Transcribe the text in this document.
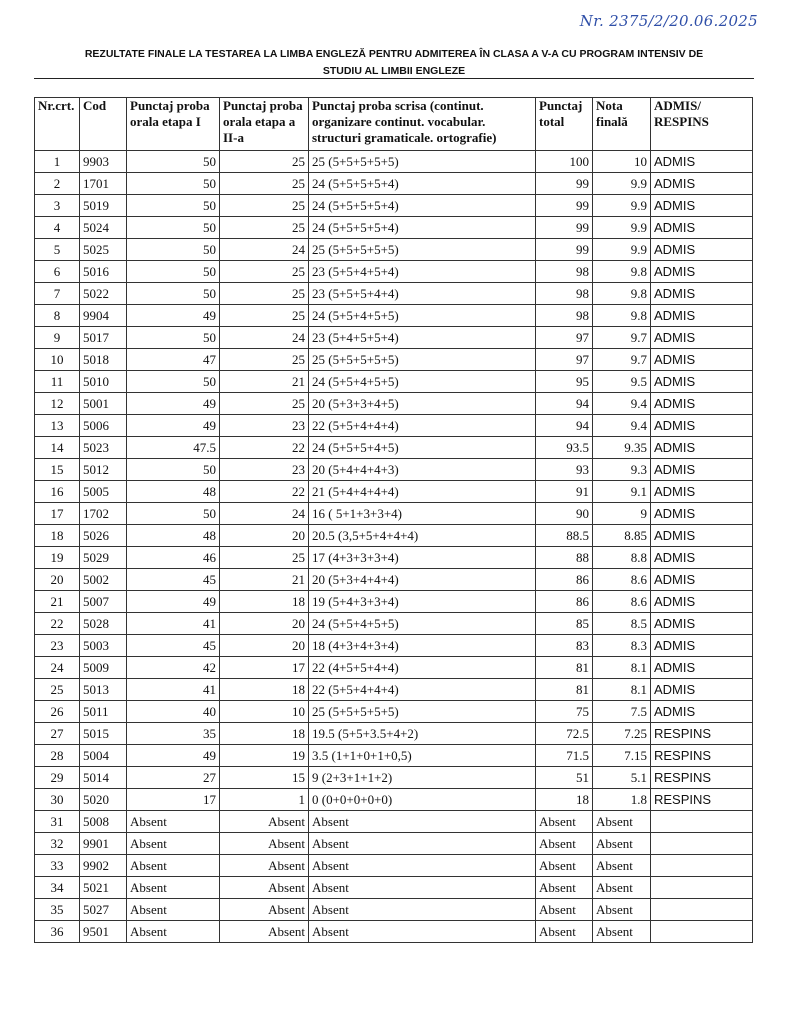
Nr. 2375/2/20.06.2025
REZULTATE FINALE LA TESTAREA LA LIMBA ENGLEZĂ PENTRU ADMITEREA ÎN CLASA A V-A CU PROGRAM INTENSIV DE
STUDIU AL LIMBII ENGLEZE
Nr.crt.	Cod	Punctaj proba orala etapa I	Punctaj proba orala etapa a II-a	Punctaj proba scrisa (continut. organizare continut. vocabular. structuri gramaticale. ortografie)	Punctaj total	Nota finală	ADMIS/ RESPINS
1	9903	50	25	25 (5+5+5+5+5)	100	10	ADMIS
2	1701	50	25	24 (5+5+5+5+4)	99	9.9	ADMIS
3	5019	50	25	24 (5+5+5+5+4)	99	9.9	ADMIS
4	5024	50	25	24 (5+5+5+5+4)	99	9.9	ADMIS
5	5025	50	24	25 (5+5+5+5+5)	99	9.9	ADMIS
6	5016	50	25	23 (5+5+4+5+4)	98	9.8	ADMIS
7	5022	50	25	23 (5+5+5+4+4)	98	9.8	ADMIS
8	9904	49	25	24 (5+5+4+5+5)	98	9.8	ADMIS
9	5017	50	24	23 (5+4+5+5+4)	97	9.7	ADMIS
10	5018	47	25	25 (5+5+5+5+5)	97	9.7	ADMIS
11	5010	50	21	24 (5+5+4+5+5)	95	9.5	ADMIS
12	5001	49	25	20 (5+3+3+4+5)	94	9.4	ADMIS
13	5006	49	23	22 (5+5+4+4+4)	94	9.4	ADMIS
14	5023	47.5	22	24 (5+5+5+4+5)	93.5	9.35	ADMIS
15	5012	50	23	20 (5+4+4+4+3)	93	9.3	ADMIS
16	5005	48	22	21 (5+4+4+4+4)	91	9.1	ADMIS
17	1702	50	24	16 ( 5+1+3+3+4)	90	9	ADMIS
18	5026	48	20	20.5 (3,5+5+4+4+4)	88.5	8.85	ADMIS
19	5029	46	25	17 (4+3+3+3+4)	88	8.8	ADMIS
20	5002	45	21	20 (5+3+4+4+4)	86	8.6	ADMIS
21	5007	49	18	19 (5+4+3+3+4)	86	8.6	ADMIS
22	5028	41	20	24 (5+5+4+5+5)	85	8.5	ADMIS
23	5003	45	20	18 (4+3+4+3+4)	83	8.3	ADMIS
24	5009	42	17	22 (4+5+5+4+4)	81	8.1	ADMIS
25	5013	41	18	22 (5+5+4+4+4)	81	8.1	ADMIS
26	5011	40	10	25 (5+5+5+5+5)	75	7.5	ADMIS
27	5015	35	18	19.5 (5+5+3.5+4+2)	72.5	7.25	RESPINS
28	5004	49	19	3.5 (1+1+0+1+0,5)	71.5	7.15	RESPINS
29	5014	27	15	9 (2+3+1+1+2)	51	5.1	RESPINS
30	5020	17	1	0 (0+0+0+0+0)	18	1.8	RESPINS
31	5008	Absent	Absent	Absent	Absent	Absent	
32	9901	Absent	Absent	Absent	Absent	Absent	
33	9902	Absent	Absent	Absent	Absent	Absent	
34	5021	Absent	Absent	Absent	Absent	Absent	
35	5027	Absent	Absent	Absent	Absent	Absent	
36	9501	Absent	Absent	Absent	Absent	Absent	
